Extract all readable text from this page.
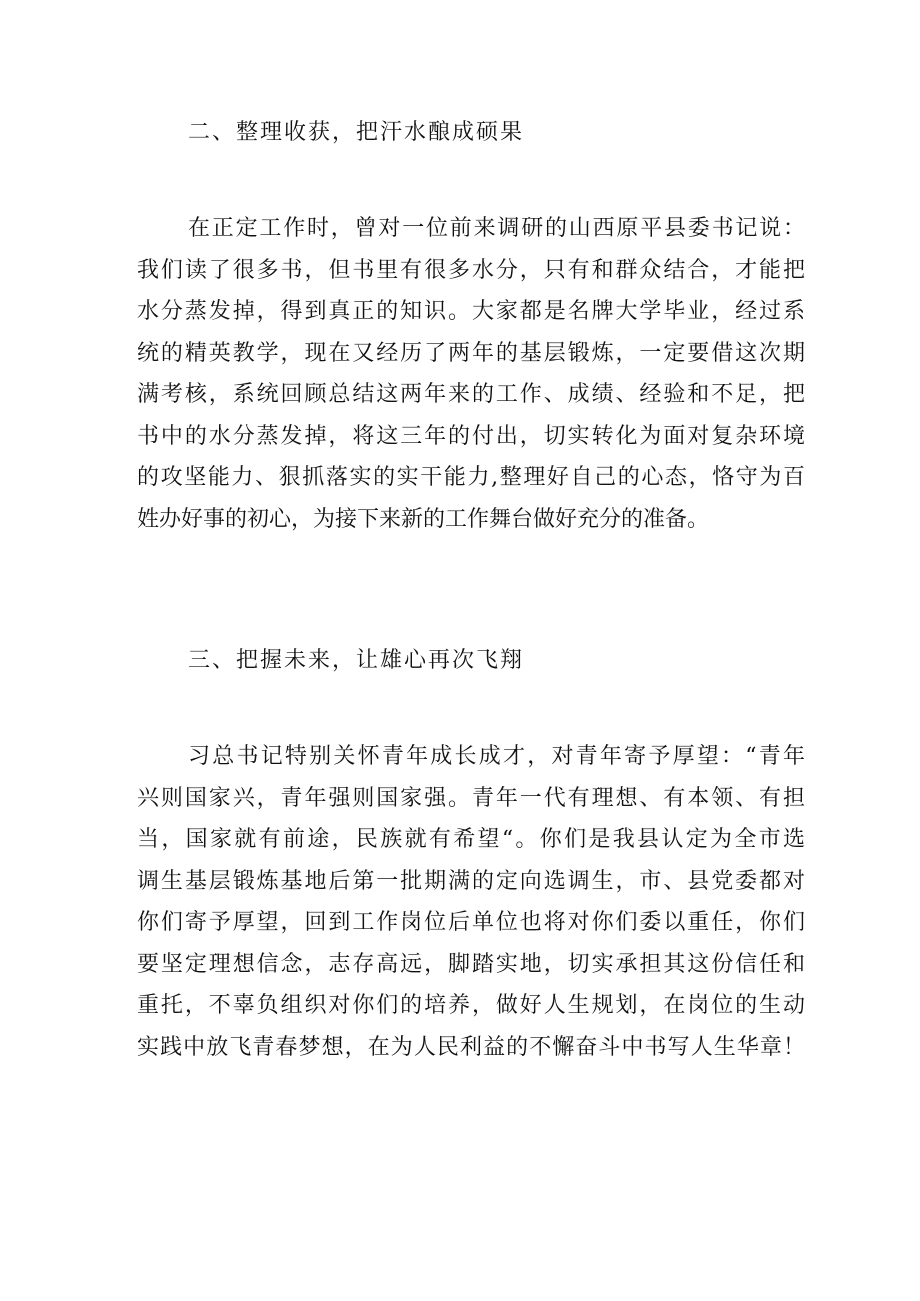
二、整理收获，把汗水酿成硕果
在正定工作时，曾对一位前来调研的山西原平县委书记说：
我们读了很多书，但书里有很多水分，只有和群众结合，才能把
水分蒸发掉，得到真正的知识。大家都是名牌大学毕业，经过系
统的精英教学，现在又经历了两年的基层锻炼，一定要借这次期
满考核，系统回顾总结这两年来的工作、成绩、经验和不足，把
书中的水分蒸发掉，将这三年的付出，切实转化为面对复杂环境
的攻坚能力、狠抓落实的实干能力,整理好自己的心态，恪守为百
姓办好事的初心，为接下来新的工作舞台做好充分的准备。
三、把握未来，让雄心再次飞翔
习总书记特别关怀青年成长成才，对青年寄予厚望：“青年
兴则国家兴，青年强则国家强。青年一代有理想、有本领、有担
当，国家就有前途，民族就有希望“。你们是我县认定为全市选
调生基层锻炼基地后第一批期满的定向选调生，市、县党委都对
你们寄予厚望，回到工作岗位后单位也将对你们委以重任，你们
要坚定理想信念，志存高远，脚踏实地，切实承担其这份信任和
重托，不辜负组织对你们的培养，做好人生规划，在岗位的生动
实践中放飞青春梦想，在为人民利益的不懈奋斗中书写人生华章！
